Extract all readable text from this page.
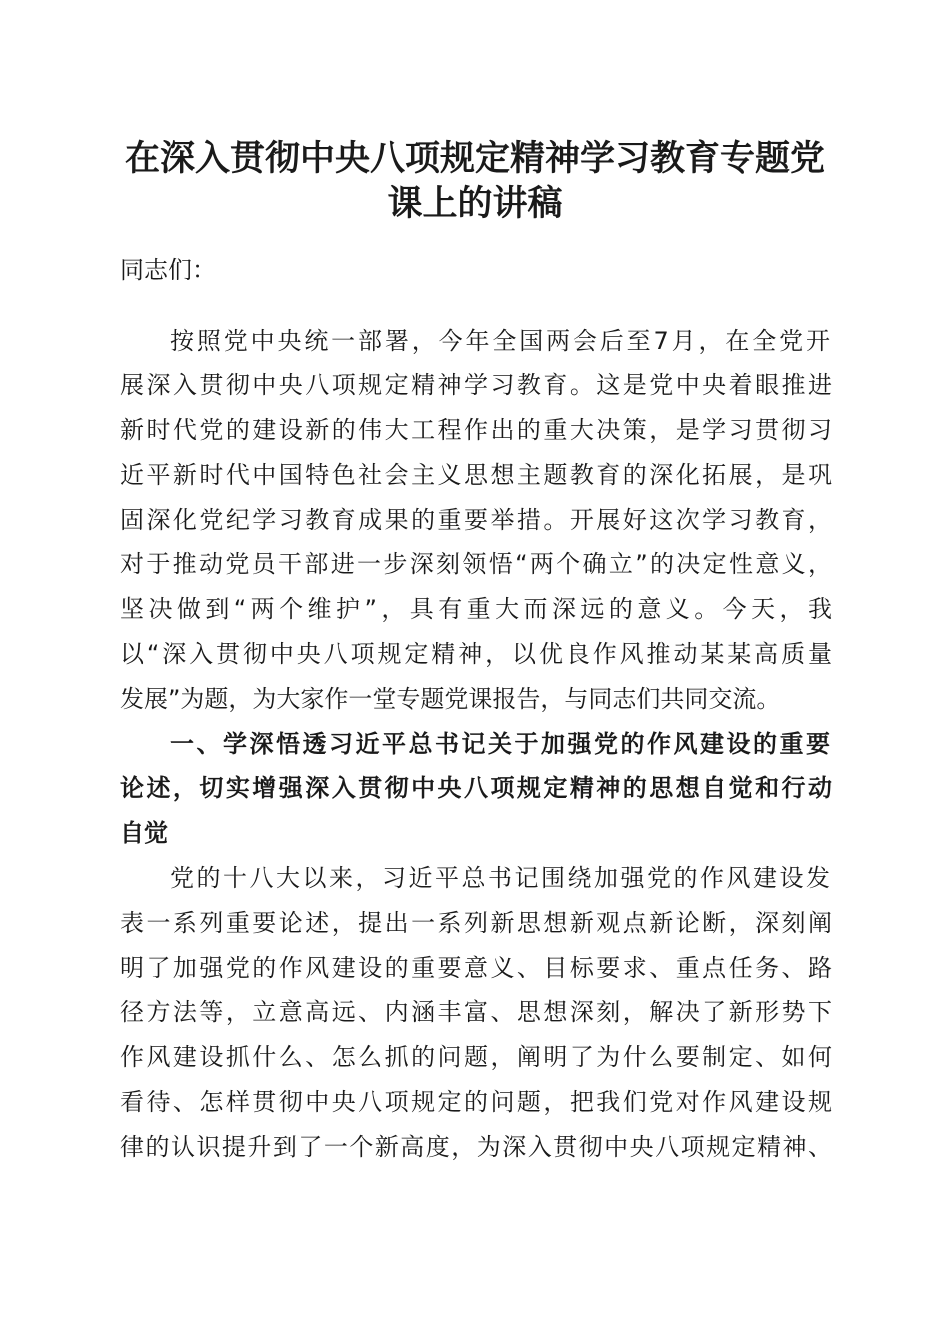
在深入贯彻中央八项规定精神学习教育专题党
课上的讲稿

同志们：

按照党中央统一部署，今年全国两会后至7月，在全党开

展深入贯彻中央八项规定精神学习教育。这是党中央着眼推进

新时代党的建设新的伟大工程作出的重大决策，是学习贯彻习

近平新时代中国特色社会主义思想主题教育的深化拓展，是巩

固深化党纪学习教育成果的重要举措。开展好这次学习教育，

对于推动党员干部进一步深刻领悟“两个确立”的决定性意义，

坚决做到“两个维护”，具有重大而深远的意义。今天，我

以“深入贯彻中央八项规定精神，以优良作风推动某某高质量

发展”为题，为大家作一堂专题党课报告，与同志们共同交流。

一、学深悟透习近平总书记关于加强党的作风建设的重要

论述，切实增强深入贯彻中央八项规定精神的思想自觉和行动

自觉

党的十八大以来，习近平总书记围绕加强党的作风建设发

表一系列重要论述，提出一系列新思想新观点新论断，深刻阐

明了加强党的作风建设的重要意义、目标要求、重点任务、路

径方法等，立意高远、内涵丰富、思想深刻，解决了新形势下

作风建设抓什么、怎么抓的问题，阐明了为什么要制定、如何

看待、怎样贯彻中央八项规定的问题，把我们党对作风建设规

律的认识提升到了一个新高度，为深入贯彻中央八项规定精神、
